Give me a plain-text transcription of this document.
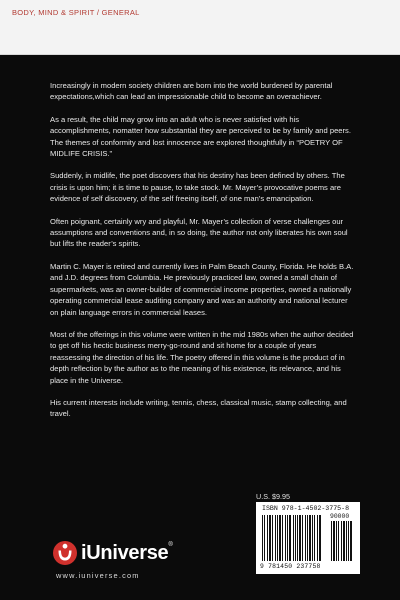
BODY, MIND & SPIRIT / GENERAL

Increasingly in modern society children are born into the world burdened by parental expectations,which can lead an impressionable child to become an overachiever.

As a result, the child may grow into an adult who is never satisfied with his accomplishments, nomatter how substantial they are perceived to be by family and peers. The themes of conformity and lost innocence are explored thoughtfully in “POETRY OF MIDLIFE CRISIS.”

Suddenly, in midlife, the poet discovers that his destiny has been defined by others. The crisis is upon him; it is time to pause, to take stock. Mr. Mayer’s provocative poems are evidence of self discovery, of the self freeing itself, of one man’s emancipation.

Often poignant, certainly wry and playful, Mr. Mayer’s collection of verse challenges our assumptions and conventions and, in so doing, the author not only liberates his own soul but lifts the reader’s spirits.

Martin C. Mayer is retired and currently lives in Palm Beach County, Florida. He holds B.A. and J.D. degrees from Columbia. He previously practiced law, owned a small chain of supermarkets, was an owner-builder of commercial income properties, owned a nationally operating commercial lease auditing company and was an authority and national lecturer on plain language errors in commercial leases.

Most of the offerings in this volume were written in the mid 1980s when the author decided to get off his hectic business merry-go-round and sit home for a couple of years reassessing the direction of his life. The poetry offered in this volume is the product of in depth reflection by the author as to the meaning of his existence, its relevance, and his place in the Universe.

His current interests include writing, tennis, chess, classical music, stamp collecting, and travel.

U.S. $9.95
ISBN 978-1-4502-3775-8
90000
9 781450 237758
iUniverse®
www.iuniverse.com
